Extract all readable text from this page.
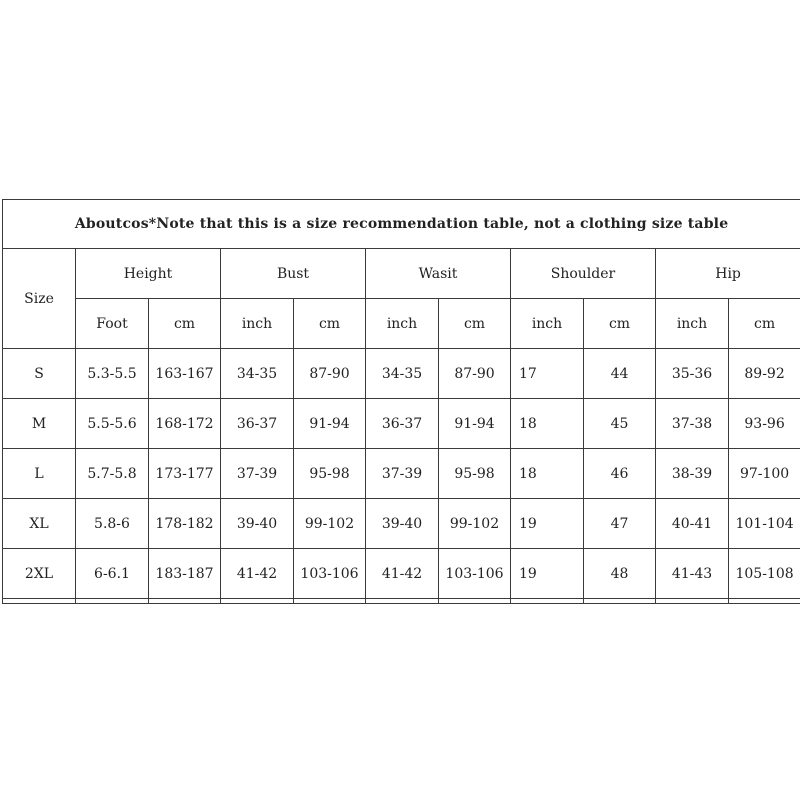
Aboutcos*Note that this is a size recommendation table, not a clothing size table										
Size	Height		Bust		Wasit		Shoulder		Hip	
	Foot	cm	inch	cm	inch	cm	inch	cm	inch	cm
S	5.3-5.5	163-167	34-35	87-90	34-35	87-90	17	44	35-36	89-92
M	5.5-5.6	168-172	36-37	91-94	36-37	91-94	18	45	37-38	93-96
L	5.7-5.8	173-177	37-39	95-98	37-39	95-98	18	46	38-39	97-100
XL	5.8-6	178-182	39-40	99-102	39-40	99-102	19	47	40-41	101-104
2XL	6-6.1	183-187	41-42	103-106	41-42	103-106	19	48	41-43	105-108
